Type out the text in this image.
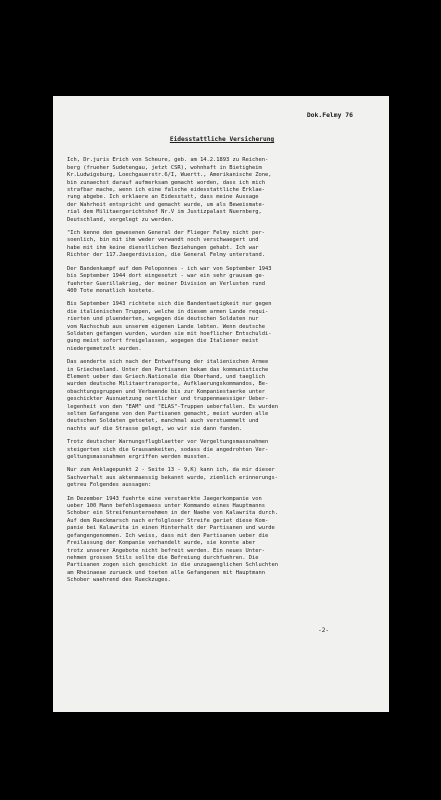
Dok.Felmy 76
Eidesstattliche Versicherung
Ich, Dr.juris Erich von Scheure, geb. am 14.2.1893 zu Reichen-
berg (frueher Sudetengau, jetzt CSR), wohnhaft in Bietigheim
Kr.Ludwigsburg, Loechgauerstr.6/I, Wuertt., Amerikanische Zone,
bin zunaechst darauf aufmerksam gemacht worden, dass ich mich
strafbar mache, wenn ich eine falsche eidesstattliche Erklae-
rung abgebe. Ich erklaere an Eidesstatt, dass meine Aussage
der Wahrheit entspricht und gemacht wurde, um als Beweismate-
rial dem Militaergerichtshof Nr.V im Justizpalast Nuernberg,
Deutschland, vorgelegt zu werden.
"Ich kenne den gewesenen General der Flieger Felmy nicht per-
soenlich, bin mit ihm weder verwandt noch verschwaegert und
habe mit ihm keine dienstlichen Beziehungen gehabt. Ich war
Richter der 117.Jaegerdivision, die General Felmy unterstand.
Der Bandenkampf auf dem Peloponnes - ich war von September 1943
bis September 1944 dort eingesetzt - war ein sehr grausam ge-
fuehrter Guerillakrieg, der meiner Division an Verlusten rund
400 Tote monatlich kostete.
Bis September 1943 richtete sich die Bandentaetigkeit nur gegen
die italienischen Truppen, welche in diesem armen Lande requi-
rierten und pluenderten, wogegen die deutschen Soldaten nur
vom Nachschub aus unserem eigenen Lande lebten. Wenn deutsche
Soldaten gefangen wurden, wurden sie mit hoeflicher Entschuldi-
gung meist sofort freigelassen, wogegen die Italiener meist
niedergemetzelt wurden.
Das aenderte sich nach der Entwaffnung der italienischen Armee
in Griechenland. Unter den Partisanen bekam das kommunistische
Element ueber das Griech.Nationale die Oberhand, und taeglich
wurden deutsche Militaertransporte, Aufklaerungskommandos, Be-
obachtungsgruppen und Verbaende bis zur Kompaniestaerke unter
geschickter Ausnuetzung oertlicher und truppenmaessiger Ueber-
legenheit von den "EAM" und "ELAS"-Truppen ueberfallen. Es wurden
selten Gefangene von den Partisanen gemacht, meist wurden alle
deutschen Soldaten getoetet, manchmal auch verstuemmelt und
nachts auf die Strasse gelegt, wo wir sie dann fanden.
Trotz deutscher Warnungsflugblaetter vor Vergeltungsmassnahmen
steigerten sich die Grausamkeiten, sodass die angedrohten Ver-
geltungsmassnahmen ergriffen werden mussten.
Nur zum Anklagepunkt 2 - Seite 13 - 9,K) kann ich, da mir dieser
Sachverhalt aus aktenmaessig bekannt wurde, ziemlich erinnerungs-
getreu Folgendes aussagen:
Im Dezember 1943 fuehrte eine verstaerkte Jaegerkompanie von
ueber 100 Mann befehlsgemaess unter Kommando eines Hauptmanns
Schober ein Streifenunternehmen in der Naehe von Kalawrita durch.
Auf dem Rueckmarsch nach erfolgloser Streife geriet diese Kom-
panie bei Kalawrita in einen Hinterhalt der Partisanen und wurde
gefangengenommen. Ich weiss, dass mit den Partisanen ueber die
Freilassung der Kompanie verhandelt wurde, sie konnte aber
trotz unserer Angebote nicht befreit werden. Ein neues Unter-
nehmen grossen Stils sollte die Befreiung durchfuehren. Die
Partisanen zogen sich geschickt in die unzugaenglichen Schluchten
am Rheinaeae zurueck und toeten alle Gefangenen mit Hauptmann
Schober waehrend des Rueckzuges.
-2-
